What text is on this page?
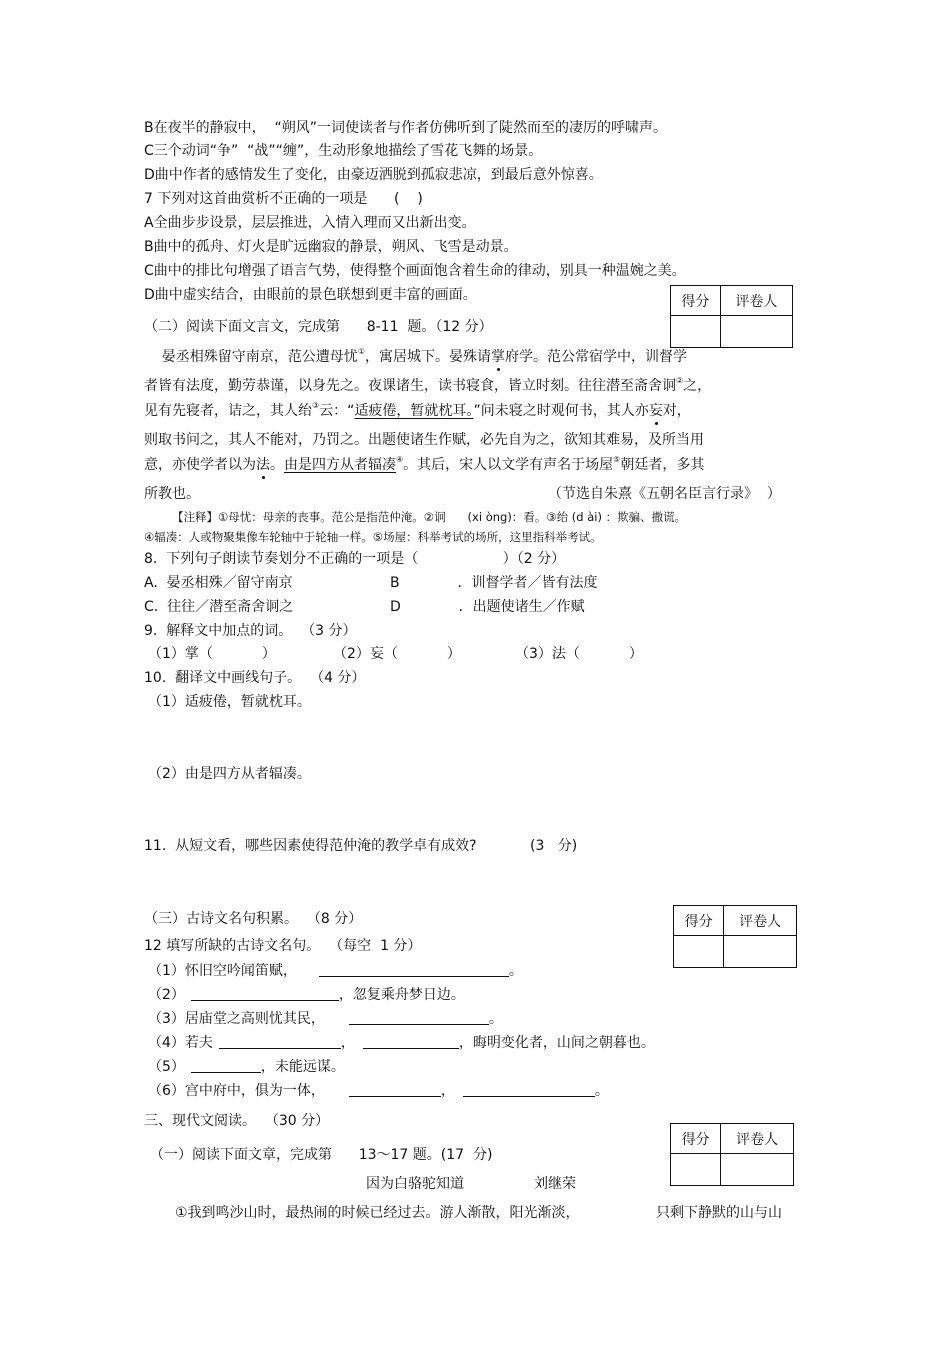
B在夜半的静寂中，  “朔风”一词使读者与作者仿佛听到了陡然而至的凄厉的呼啸声。
C三个动词“争”  “战”“缠”，生动形象地描绘了雪花飞舞的场景。
D曲中作者的感情发生了变化，由豪迈洒脱到孤寂悲凉，到最后意外惊喜。
7 下列对这首曲赏析不正确的一项是      (    )
A全曲步步设景，层层推进，入情入理而又出新出变。
B曲中的孤舟、灯火是旷远幽寂的静景，朔风、飞雪是动景。
C曲中的排比句增强了语言气势，使得整个画面饱含着生命的律动，别具一种温婉之美。
D曲中虚实结合，由眼前的景色联想到更丰富的画面。	得分	评卷人

（二）阅读下面文言文，完成第      8-11  题。（12 分）
晏丞相殊留守南京，范公遭母忧①，寓居城下。晏殊请掌府学。范公常宿学中，训督学
者皆有法度，勤劳恭谨，以身先之。夜课诸生，读书寝食，皆立时刻。往往潜至斋舍诇②之，
见有先寝者，诘之，其人绐③云：“适疲倦，暂就枕耳。”问未寝之时观何书，其人亦妄对，
则取书问之，其人不能对，乃罚之。出题使诸生作赋，必先自为之，欲知其难易，及所当用
意，亦使学者以为法。由是四方从者辐凑④。其后，宋人以文学有声名于场屋⑤朝廷者，多其
所教也。	（节选自朱熹《五朝名臣言行录》  ）
【注释】①母忧：母亲的丧事。范公是指范仲淹。②诇      (xi òng)：看。③绐 (d ài) ：欺骗、撒谎。
④辐凑：人或物聚集像车轮轴中于轮轴一样。⑤场屋：科举考试的场所，这里指科举考试。
8.  下列句子朗读节奏划分不正确的一项是（                   ）（2 分）
A.  晏丞相殊／留守南京	B             ．训督学者／皆有法度
C.  往往／潜至斋舍诇之	D             ．出题使诸生／作赋
9.  解释文中加点的词。  （3 分）
（1）掌（           ）	（2）妄（           ）	（3）法（           ）
10.  翻译文中画线句子。  （4 分）
（1）适疲倦，暂就枕耳。
（2）由是四方从者辐凑。
11.  从短文看，哪些因素使得范仲淹的教学卓有成效?            (3   分)
（三）古诗文名句积累。  （8 分）	得分	评卷人

12 填写所缺的古诗文名句。  （每空  1 分）
（1）怀旧空吟闻笛赋，	。
（2）	，忽复乘舟梦日边。
（3）居庙堂之高则忧其民，	。
（4）若夫	，	，晦明变化者，山间之朝暮也。
（5）	，未能远谋。
（6）宫中府中，俱为一体，	，	。
三、现代文阅读。  （30 分）
得分	评卷人

（一）阅读下面文章，完成第      13～17 题。(17  分)
因为白骆驼知道	刘继荣
①我到鸣沙山时，最热闹的时候已经过去。游人渐散，阳光渐淡，	只剩下静默的山与山
